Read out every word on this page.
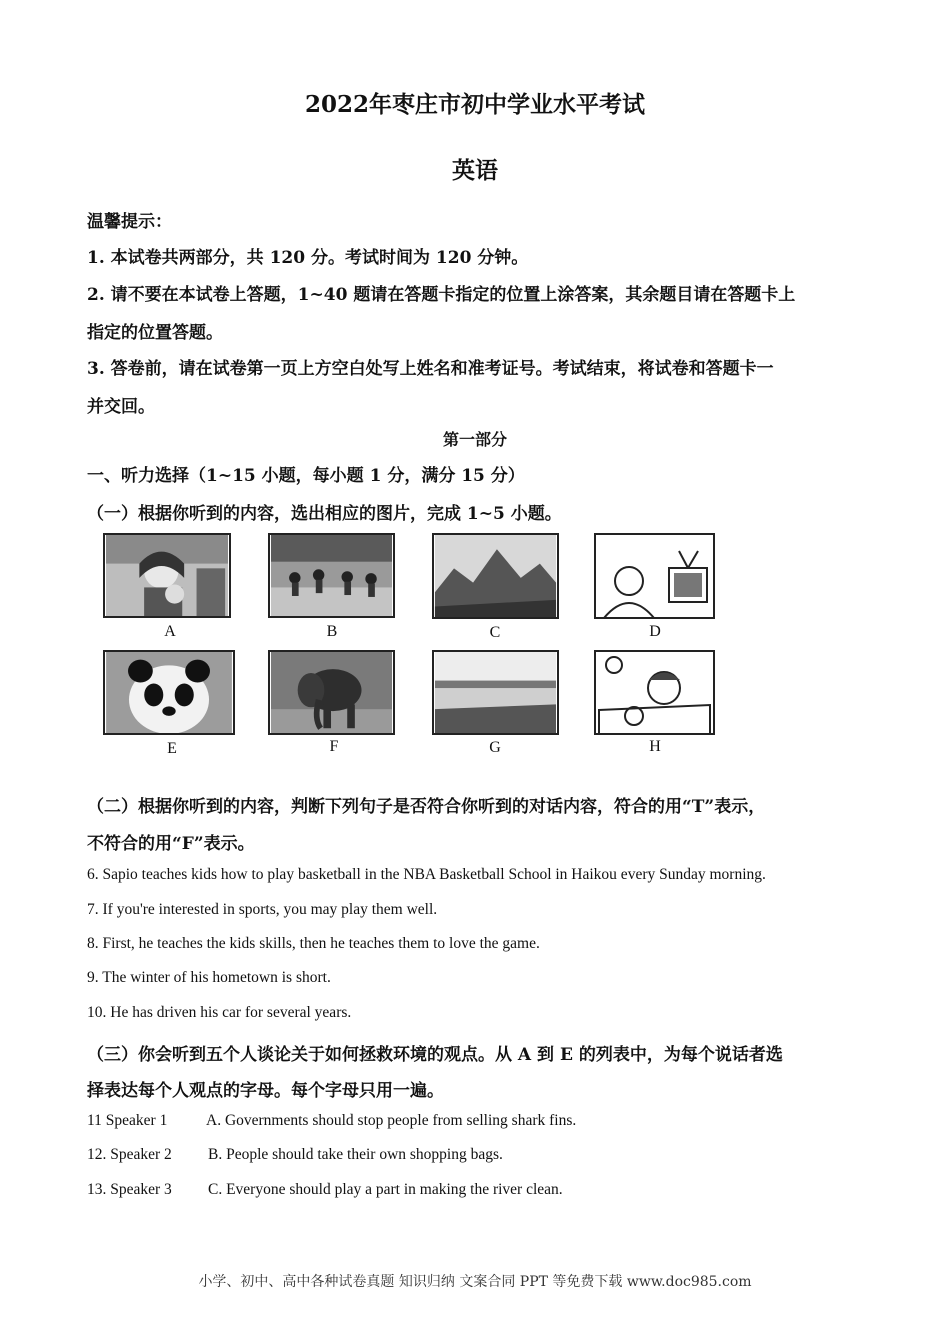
2022年枣庄市初中学业水平考试
英语
温馨提示：
1. 本试卷共两部分，共 120 分。考试时间为 120 分钟。
2. 请不要在本试卷上答题，1~40 题请在答题卡指定的位置上涂答案，其余题目请在答题卡上
指定的位置答题。
3. 答卷前，请在试卷第一页上方空白处写上姓名和准考证号。考试结束，将试卷和答题卡一
并交回。
第一部分
一、听力选择（1~15 小题，每小题 1 分，满分 15 分）
（一）根据你听到的内容，选出相应的图片，完成 1~5 小题。
A	B	C	D
E	F	G	H
（二）根据你听到的内容，判断下列句子是否符合你听到的对话内容，符合的用“T”表示，
不符合的用“F”表示。
6. Sapio teaches kids how to play basketball in the NBA Basketball School in Haikou every Sunday morning.
7. If you're interested in sports, you may play them well.
8. First, he teaches the kids skills, then he teaches them to love the game.
9. The winter of his hometown is short.
10. He has driven his car for several years.
（三）你会听到五个人谈论关于如何拯救环境的观点。从 A 到 E 的列表中，为每个说话者选
择表达每个人观点的字母。每个字母只用一遍。
11 Speaker 1 A. Governments should stop people from selling shark fins.
12. Speaker 2 B. People should take their own shopping bags.
13. Speaker 3 C. Everyone should play a part in making the river clean.
小学、初中、高中各种试卷真题 知识归纳 文案合同 PPT 等免费下载 www.doc985.com
